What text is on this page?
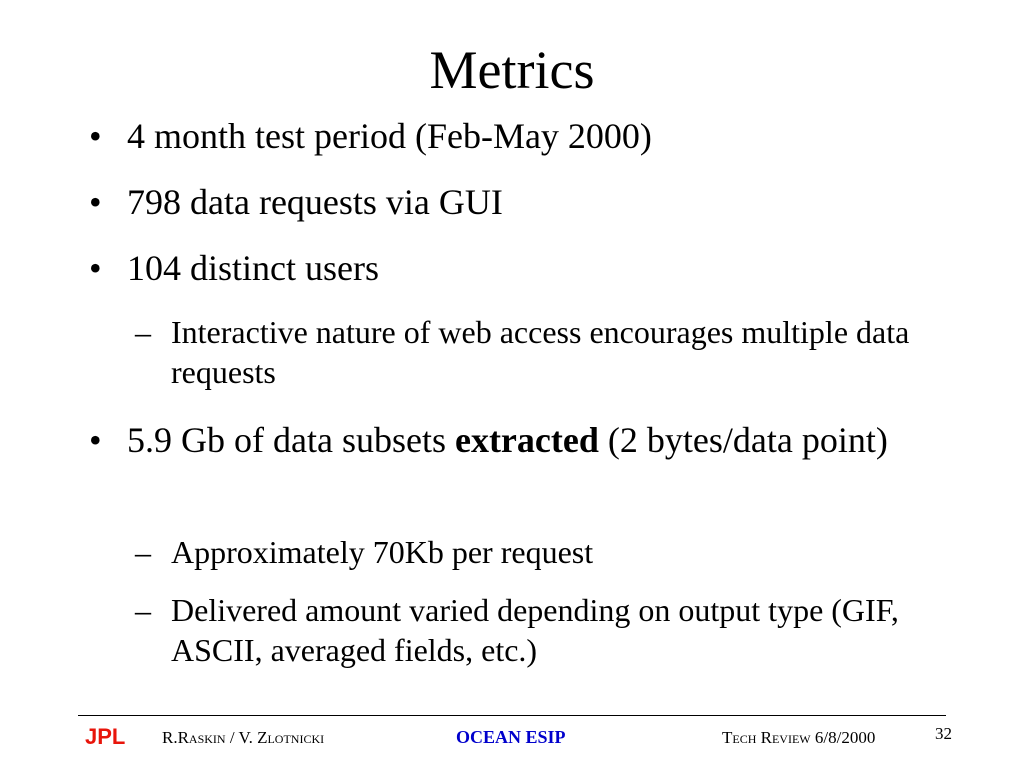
Metrics
• 4 month test period (Feb-May 2000)
• 798 data requests via GUI
• 104 distinct users
– Interactive nature of web access encourages multiple data requests
• 5.9 Gb of data subsets extracted (2 bytes/data point)
– Approximately 70Kb per request
– Delivered amount varied depending on output type (GIF, ASCII, averaged fields, etc.)
JPL R.Raskin / V. Zlotnicki	OCEAN ESIP	Tech Review 6/8/2000	32
